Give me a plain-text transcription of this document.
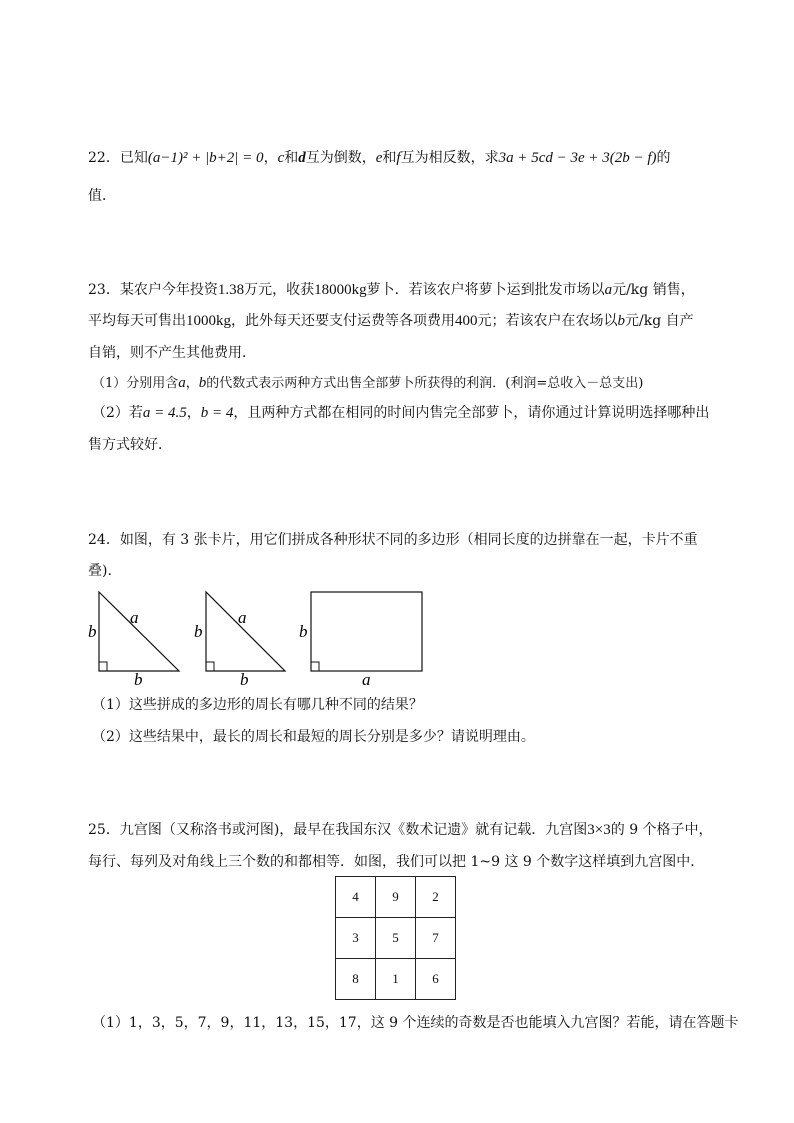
22．已知(a−1)² + |b+2| = 0，c和d互为倒数，e和f互为相反数，求3a + 5cd − 3e + 3(2b − f)的
值．
23．某农户今年投资1.38万元，收获18000kg萝卜．若该农户将萝卜运到批发市场以a元/kg 销售，
平均每天可售出1000kg，此外每天还要支付运费等各项费用400元；若该农户在农场以b元/kg 自产
自销，则不产生其他费用．
（1）分别用含a，b的代数式表示两种方式出售全部萝卜所获得的利润．(利润=总收入－总支出)
（2）若a = 4.5，b = 4，且两种方式都在相同的时间内售完全部萝卜，请你通过计算说明选择哪种出
售方式较好．
24．如图，有 3 张卡片，用它们拼成各种形状不同的多边形（相同长度的边拼靠在一起，卡片不重
叠).
a
b
b
a
b
b
b
a
（1）这些拼成的多边形的周长有哪几种不同的结果？
（2）这些结果中，最长的周长和最短的周长分别是多少？请说明理由。
25．九宫图（又称洛书或河图)，最早在我国东汉《数术记遗》就有记载．九宫图3×3的 9 个格子中，
每行、每列及对角线上三个数的和都相等．如图，我们可以把 1~9 这 9 个数字这样填到九宫图中．
4	9	2
3	5	7
8	1	6
（1）1，3，5，7，9，11，13，15，17，这 9 个连续的奇数是否也能填入九宫图？若能，请在答题卡
